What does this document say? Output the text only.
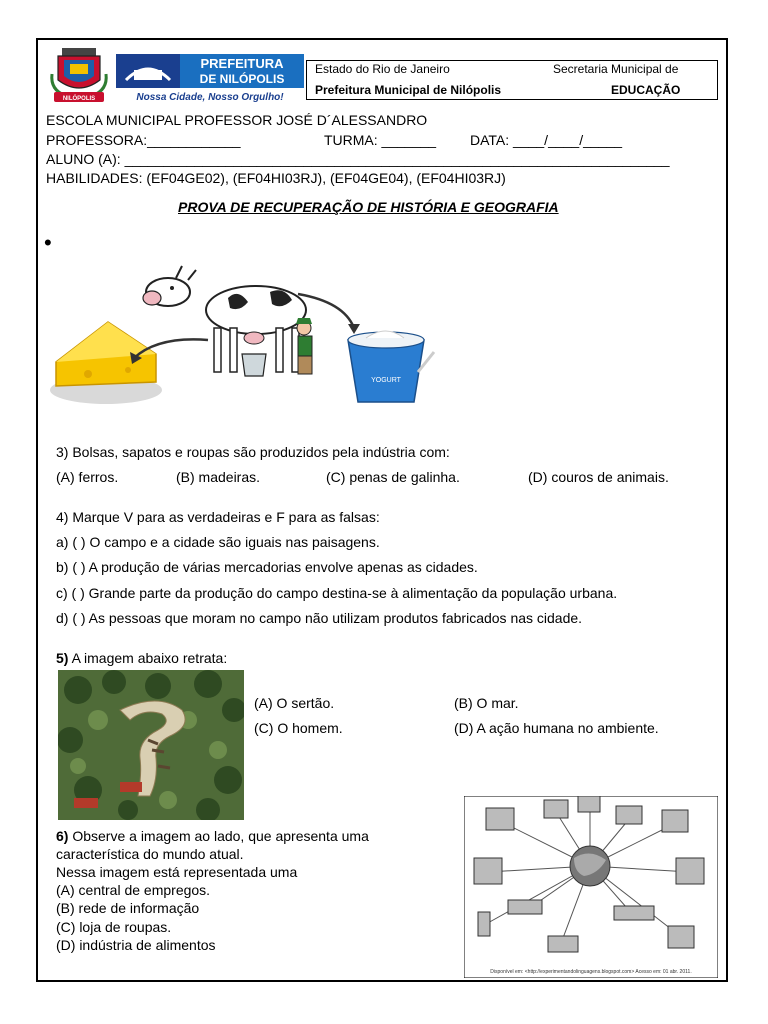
NILÓPOLIS
PREFEITURA
DE NILÓPOLIS
Nossa Cidade, Nosso Orgulho!
Estado do Rio de Janeiro	Secretaria Municipal de
Prefeitura Municipal de Nilópolis	EDUCAÇÃO
ESCOLA MUNICIPAL PROFESSOR JOSÉ D´ALESSANDRO
PROFESSORA:____________	TURMA: _______ DATA: ____/____/_____
ALUNO (A): ______________________________________________________________________
HABILIDADES: (EF04GE02), (EF04HI03RJ), (EF04GE04), (EF04HI03RJ)
PROVA DE RECUPERAÇÃO DE HISTÓRIA E GEOGRAFIA
•
YOGURT
3) Bolsas, sapatos e roupas são produzidos pela indústria com:
(A) ferros.	(B) madeiras.	(C) penas de galinha.	(D) couros de animais.
4) Marque V para as verdadeiras e F para as falsas:
a) ( ) O campo e a cidade são iguais nas paisagens.
b) ( ) A produção de várias mercadorias envolve apenas as cidades.
c) ( ) Grande parte da produção do campo destina-se à alimentação da população urbana.
d) ( ) As pessoas que moram no campo não utilizam produtos fabricados nas cidade.
5) A imagem abaixo retrata:
(A) O sertão.	(B) O mar.
(C) O homem.	(D) A ação humana no ambiente.
Disponível em: <http://experimentandolinguagens.blogspot.com> Acesso em: 01 abr. 2011.
6) Observe a imagem ao lado, que apresenta uma
característica do mundo atual.
Nessa imagem está representada uma
(A) central de empregos.
(B) rede de informação
(C) loja de roupas.
(D) indústria de alimentos
